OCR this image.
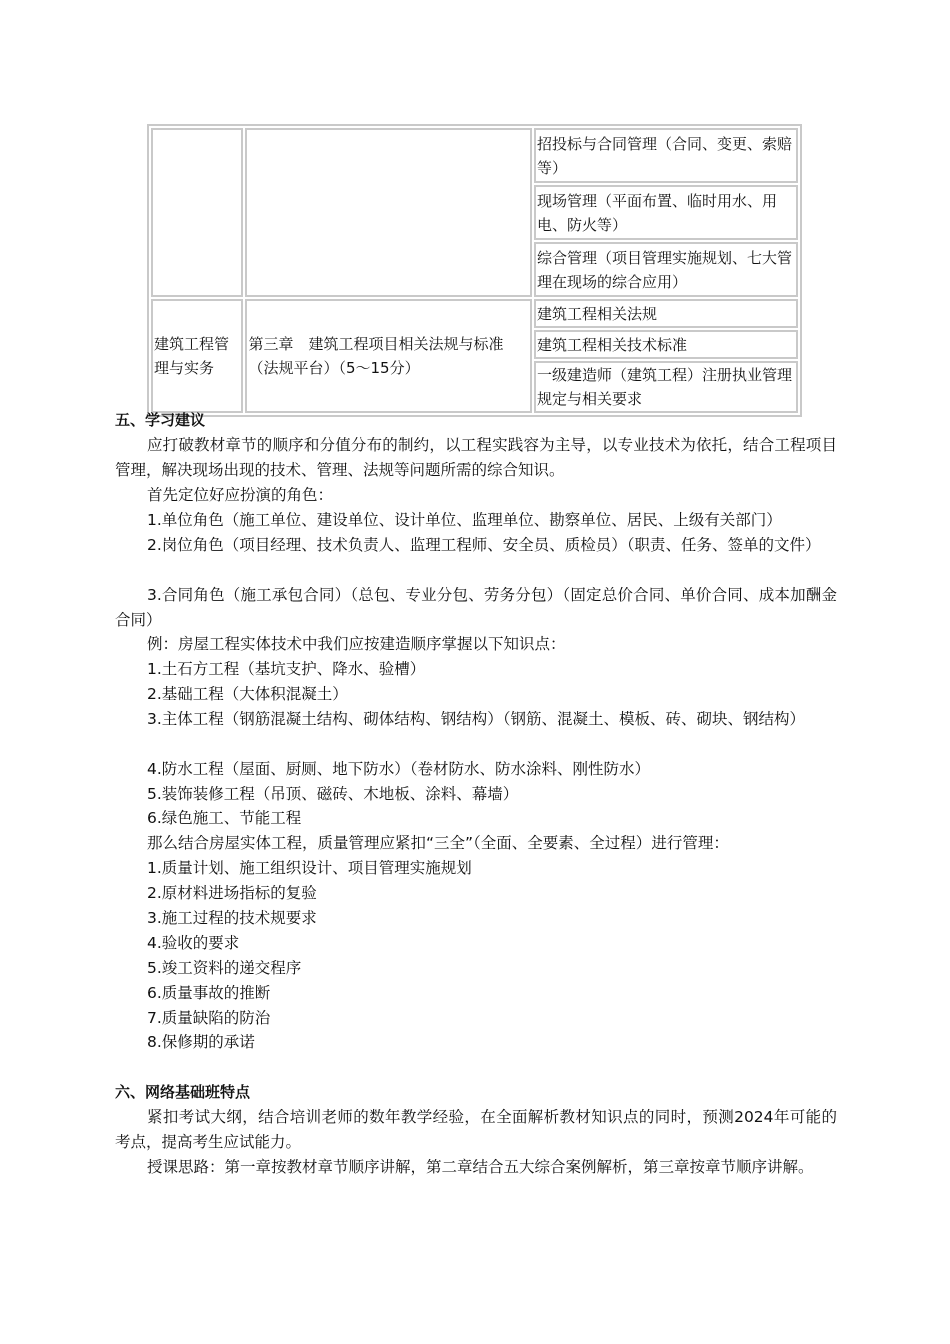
		招投标与合同管理（合同、变更、索赔等）
		现场管理（平面布置、临时用水、用电、防火等）
		综合管理（项目管理实施规划、七大管理在现场的综合应用）
建筑工程管理与实务	第三章　建筑工程项目相关法规与标准（法规平台）（5～15分）	建筑工程相关法规
		建筑工程相关技术标准
		一级建造师（建筑工程）注册执业管理规定与相关要求

五、学习建议

应打破教材章节的顺序和分值分布的制约，以工程实践容为主导，以专业技术为依托，结合工程项目管理，解决现场出现的技术、管理、法规等问题所需的综合知识。

首先定位好应扮演的角色：

1.单位角色（施工单位、建设单位、设计单位、监理单位、勘察单位、居民、上级有关部门）

2.岗位角色（项目经理、技术负责人、监理工程师、安全员、质检员）（职责、任务、签单的文件）

3.合同角色（施工承包合同）（总包、专业分包、劳务分包）（固定总价合同、单价合同、成本加酬金合同）

例：房屋工程实体技术中我们应按建造顺序掌握以下知识点：

1.土石方工程（基坑支护、降水、验槽）

2.基础工程（大体积混凝土）

3.主体工程（钢筋混凝土结构、砌体结构、钢结构）（钢筋、混凝土、模板、砖、砌块、钢结构）

4.防水工程（屋面、厨厕、地下防水）（卷材防水、防水涂料、刚性防水）

5.装饰装修工程（吊顶、磁砖、木地板、涂料、幕墙）

6.绿色施工、节能工程

那么结合房屋实体工程，质量管理应紧扣“三全”（全面、全要素、全过程）进行管理：

1.质量计划、施工组织设计、项目管理实施规划

2.原材料进场指标的复验

3.施工过程的技术规要求

4.验收的要求

5.竣工资料的递交程序

6.质量事故的推断

7.质量缺陷的防治

8.保修期的承诺

六、网络基础班特点

紧扣考试大纲，结合培训老师的数年教学经验，在全面解析教材知识点的同时，预测2024年可能的考点，提高考生应试能力。

授课思路：第一章按教材章节顺序讲解，第二章结合五大综合案例解析，第三章按章节顺序讲解。
